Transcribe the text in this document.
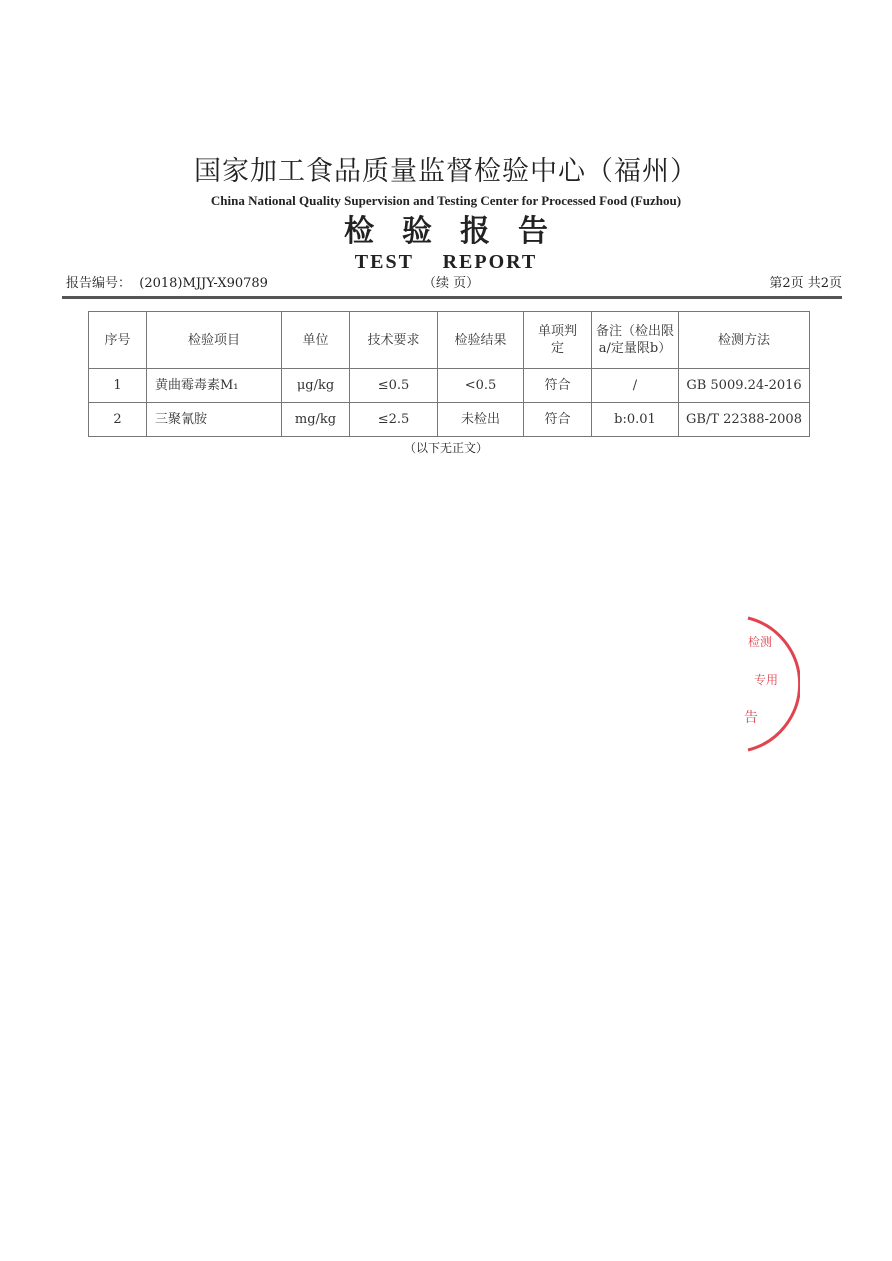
国家加工食品质量监督检验中心（福州）
China National Quality Supervision and Testing Center for Processed Food (Fuzhou)
检验报告
TEST REPORT
报告编号： (2018)MJJY-X90789	（续 页）	第2页 共2页
序号	检验项目	单位	技术要求	检验结果	单项判定	备注（检出限a/定量限b）	检测方法
1	黄曲霉毒素M₁	μg/kg	≤0.5	<0.5	符合	/	GB 5009.24-2016
2	三聚氰胺	mg/kg	≤2.5	未检出	符合	b:0.01	GB/T 22388-2008
（以下无正文）
检测
专用
告
